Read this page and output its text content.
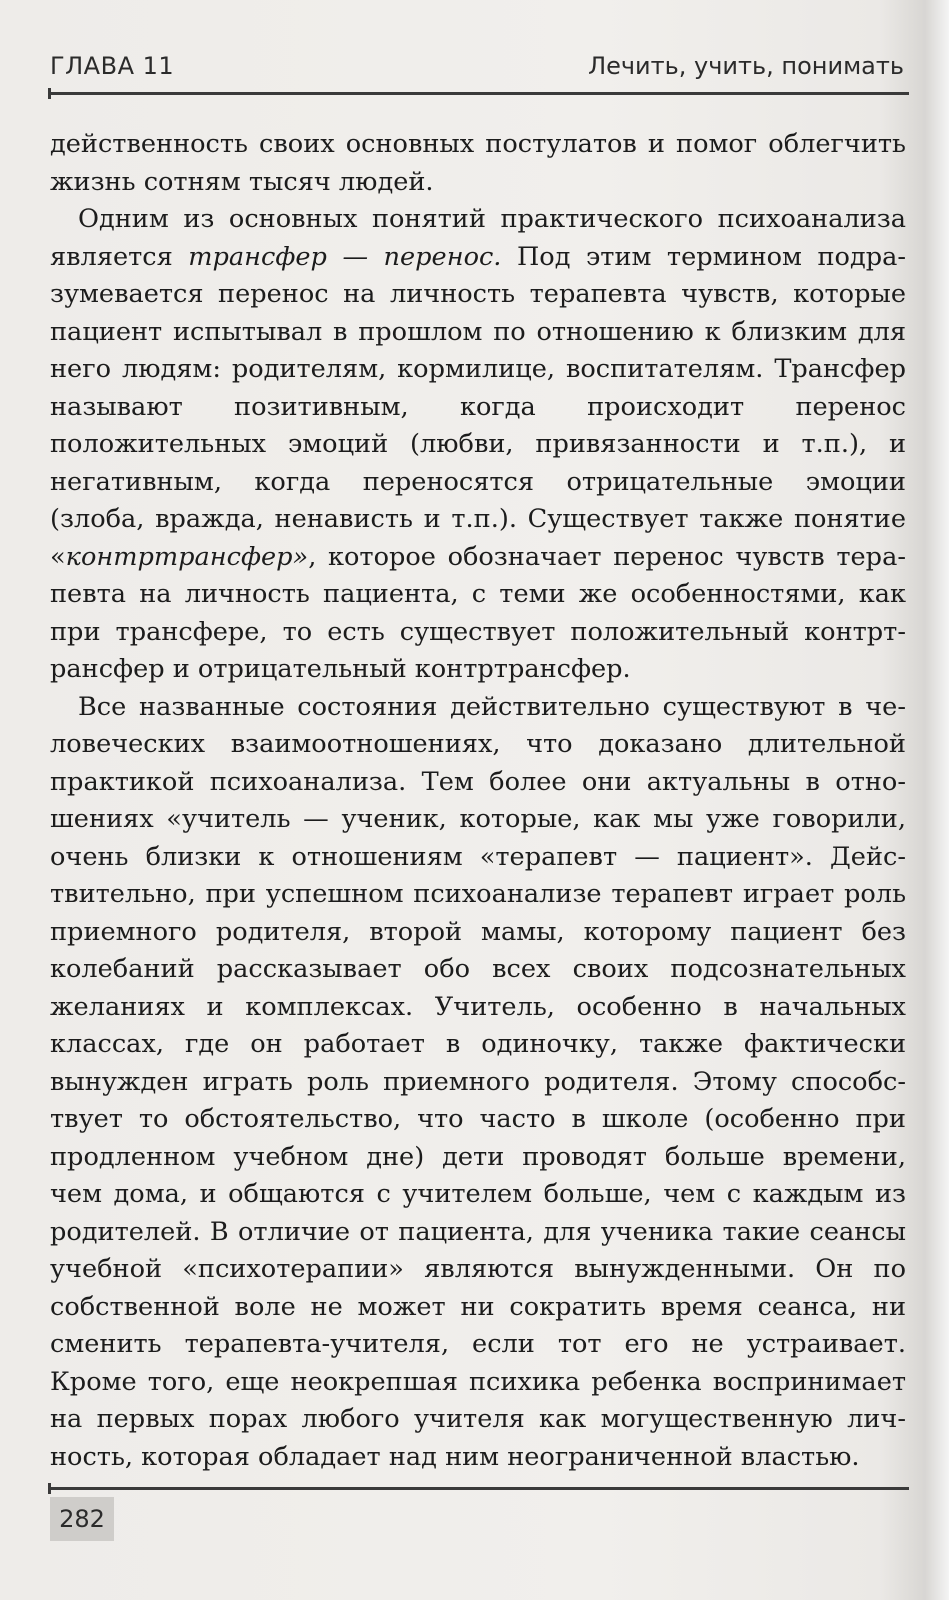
ГЛАВА 11	Лечить, учить, понимать

действенность своих основных постулатов и помог облегчить жизнь сотням тысяч людей.

Одним из основных понятий практического психоанализа является трансфер — перенос. Под этим термином подразумевается перенос на личность терапевта чувств, которые пациент испытывал в прошлом по отношению к близким для него людям: родителям, кормилице, воспитателям. Трансфер называют позитивным, когда происходит перенос положительных эмоций (любви, привязанности и т.п.), и негативным, когда переносятся отрицательные эмоции (злоба, вражда, ненависть и т.п.). Существует также понятие «контртрансфер», которое обозначает перенос чувств терапевта на личность пациента, с теми же особенностями, как при трансфере, то есть существует положительный контртрансфер и отрицательный контртрансфер.

Все названные состояния действительно существуют в человеческих взаимоотношениях, что доказано длительной практикой психоанализа. Тем более они актуальны в отношениях «учитель — ученик, которые, как мы уже говорили, очень близки к отношениям «терапевт — пациент». Действительно, при успешном психоанализе терапевт играет роль приемного родителя, второй мамы, которому пациент без колебаний рассказывает обо всех своих подсознательных желаниях и комплексах. Учитель, особенно в начальных классах, где он работает в одиночку, также фактически вынужден играть роль приемного родителя. Этому способствует то обстоятельство, что часто в школе (особенно при продленном учебном дне) дети проводят больше времени, чем дома, и общаются с учителем больше, чем с каждым из родителей. В отличие от пациента, для ученика такие сеансы учебной «психотерапии» являются вынужденными. Он по собственной воле не может ни сократить время сеанса, ни сменить терапевта-учителя, если тот его не устраивает. Кроме того, еще неокрепшая психика ребенка воспринимает на первых порах любого учителя как могущественную личность, которая обладает над ним неограниченной властью.

282
